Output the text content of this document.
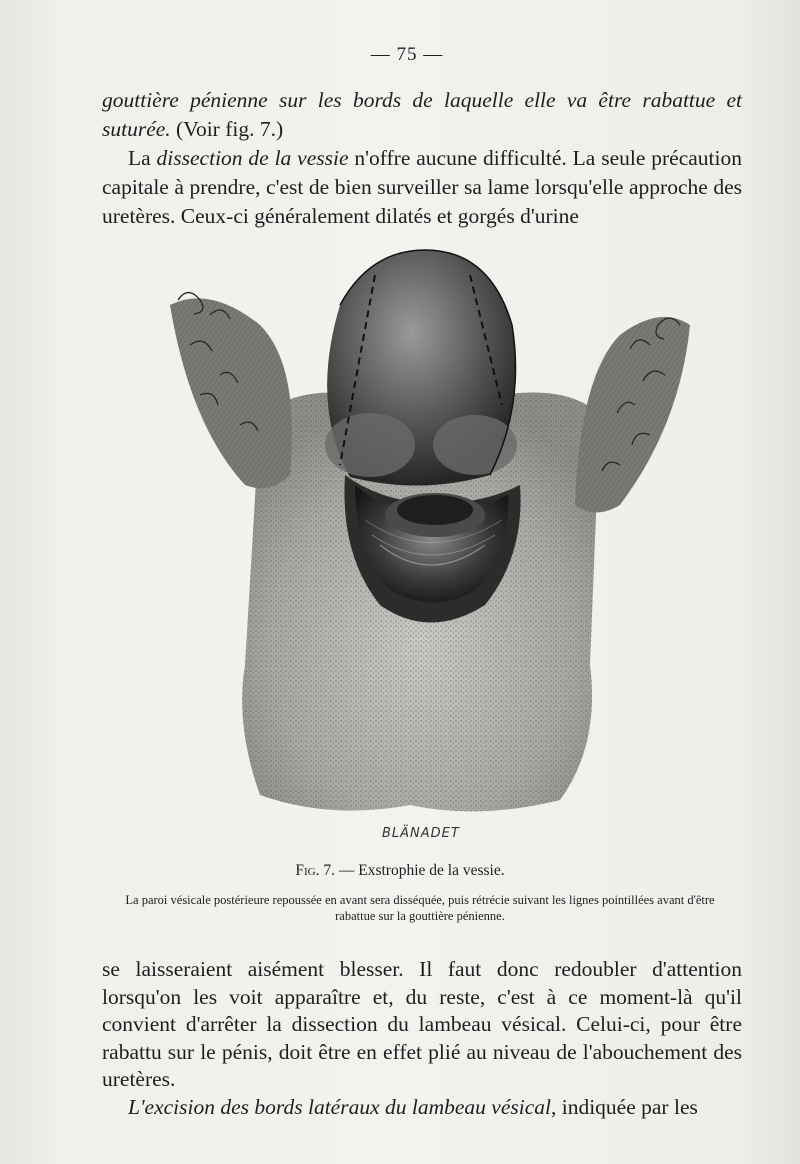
— 75 —

gouttière pénienne sur les bords de laquelle elle va être rabattue et suturée. (Voir fig. 7.)

La dissection de la vessie n'offre aucune difficulté. La seule précaution capitale à prendre, c'est de bien surveiller sa lame lorsqu'elle approche des uretères. Ceux-ci généralement dilatés et gorgés d'urine

BLÄNADET
Fig. 7. — Exstrophie de la vessie.
La paroi vésicale postérieure repoussée en avant sera disséquée, puis rétrécie suivant les lignes pointillées avant d'être rabattue sur la gouttière pénienne.

se laisseraient aisément blesser. Il faut donc redoubler d'attention lorsqu'on les voit apparaître et, du reste, c'est à ce moment-là qu'il convient d'arrêter la dissection du lambeau vésical. Celui-ci, pour être rabattu sur le pénis, doit être en effet plié au niveau de l'abouchement des uretères.

L'excision des bords latéraux du lambeau vésical, indiquée par les
